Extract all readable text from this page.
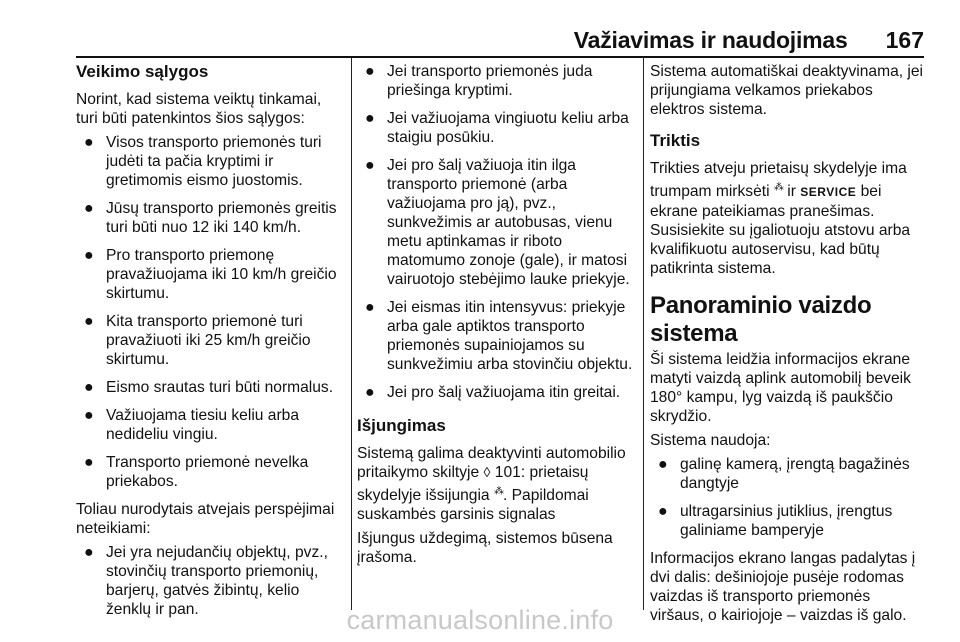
Važiavimas ir naudojimas 167
Veikimo sąlygos

Norint, kad sistema veiktų tinkamai, turi būti patenkintos šios sąlygos:

● Visos transporto priemonės turi judėti ta pačia kryptimi ir gretimomis eismo juostomis.
● Jūsų transporto priemonės greitis turi būti nuo 12 iki 140 km/h.
● Pro transporto priemonę pravažiuojama iki 10 km/h greičio skirtumu.
● Kita transporto priemonė turi pravažiuoti iki 25 km/h greičio skirtumu.
● Eismo srautas turi būti normalus.
● Važiuojama tiesiu keliu arba nedideliu vingiu.
● Transporto priemonė nevelka priekabos.

Toliau nurodytais atvejais perspėjimai neteikiami:

● Jei yra nejudančių objektų, pvz., stovinčių transporto priemonių, barjerų, gatvės žibintų, kelio ženklų ir pan.
● Jei transporto priemonės juda priešinga kryptimi.
● Jei važiuojama vingiuotu keliu arba staigiu posūkiu.
● Jei pro šalį važiuoja itin ilga transporto priemonė (arba važiuojama pro ją), pvz., sunkvežimis ar autobusas, vienu metu aptinkamas ir riboto matomumo zonoje (gale), ir matosi vairuotojo stebėjimo lauke priekyje.
● Jei eismas itin intensyvus: priekyje arba gale aptiktos transporto priemonės supainiojamos su sunkvežimiu arba stovinčiu objektu.
● Jei pro šalį važiuojama itin greitai.
Išjungimas

Sistemą galima deaktyvinti automobilio pritaikymo skiltyje ◊ 101: prietaisų skydelyje išsijungia ⁂. Papildomai suskambės garsinis signalas

Išjungus uždegimą, sistemos būsena įrašoma.

Sistema automatiškai deaktyvinama, jei prijungiama velkamos priekabos elektros sistema.

Triktis

Trikties atveju prietaisų skydelyje ima trumpam mirksėti ⁂ ir SERVICE bei ekrane pateikiamas pranešimas. Susisiekite su įgaliotuoju atstovu arba kvalifikuotu autoservisu, kad būtų patikrinta sistema.

Panoraminio vaizdo sistema

Ši sistema leidžia informacijos ekrane matyti vaizdą aplink automobilį beveik 180° kampu, lyg vaizdą iš paukščio skrydžio.

Sistema naudoja:

● galinę kamerą, įrengtą bagažinės dangtyje
● ultragarsinius jutiklius, įrengtus galiniame bamperyje

Informacijos ekrano langas padalytas į dvi dalis: dešiniojoje pusėje rodomas vaizdas iš transporto priemonės viršaus, o kairiojoje – vaizdas iš galo.

carmanualsonline.info
